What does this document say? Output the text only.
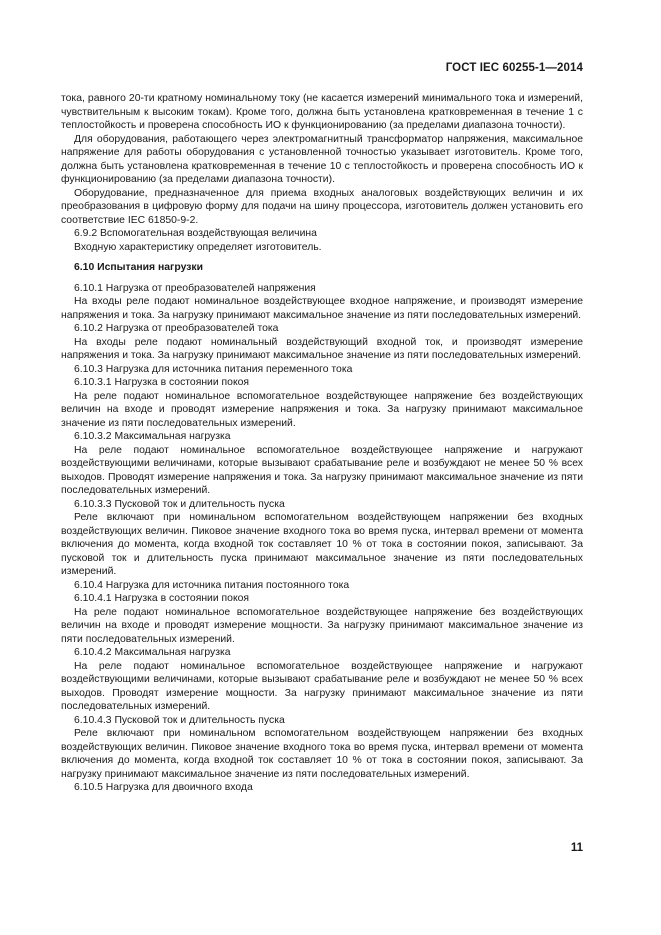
ГОСТ IEC 60255-1—2014

тока, равного 20-ти кратному номинальному току (не касается измерений минимального тока и измерений, чувствительным к высоким токам). Кроме того, должна быть установлена кратковременная в течение 1 с теплостойкость и проверена способность ИО к функционированию (за пределами диапазона точности).

Для оборудования, работающего через электромагнитный трансформатор напряжения, максимальное напряжение для работы оборудования с установленной точностью указывает изготовитель. Кроме того, должна быть установлена кратковременная в течение 10 с теплостойкость и проверена способность ИО к функционированию (за пределами диапазона точности).

Оборудование, предназначенное для приема входных аналоговых воздействующих величин и их преобразования в цифровую форму для подачи на шину процессора, изготовитель должен установить его соответствие IEC 61850-9-2.

6.9.2 Вспомогательная воздействующая величина

Входную характеристику определяет изготовитель.

6.10 Испытания нагрузки

6.10.1 Нагрузка от преобразователей напряжения

На входы реле подают номинальное воздействующее входное напряжение, и производят измерение напряжения и тока. За нагрузку принимают максимальное значение из пяти последовательных измерений.

6.10.2 Нагрузка от преобразователей тока

На входы реле подают номинальный воздействующий входной ток, и производят измерение напряжения и тока. За нагрузку принимают максимальное значение из пяти последовательных измерений.

6.10.3 Нагрузка для источника питания переменного тока

6.10.3.1 Нагрузка в состоянии покоя

На реле подают номинальное вспомогательное воздействующее напряжение без воздействующих величин на входе и проводят измерение напряжения и тока. За нагрузку принимают максимальное значение из пяти последовательных измерений.

6.10.3.2 Максимальная нагрузка

На реле подают номинальное вспомогательное воздействующее напряжение и нагружают воздействующими величинами, которые вызывают срабатывание реле и возбуждают не менее 50 % всех выходов. Проводят измерение напряжения и тока. За нагрузку принимают максимальное значение из пяти последовательных измерений.

6.10.3.3 Пусковой ток и длительность пуска

Реле включают при номинальном вспомогательном воздействующем напряжении без входных воздействующих величин. Пиковое значение входного тока во время пуска, интервал времени от момента включения до момента, когда входной ток составляет 10 % от тока в состоянии покоя, записывают. За пусковой ток и длительность пуска принимают максимальное значение из пяти последовательных измерений.

6.10.4 Нагрузка для источника питания постоянного тока

6.10.4.1 Нагрузка в состоянии покоя

На реле подают номинальное вспомогательное воздействующее напряжение без воздействующих величин на входе и проводят измерение мощности. За нагрузку принимают максимальное значение из пяти последовательных измерений.

6.10.4.2 Максимальная нагрузка

На реле подают номинальное вспомогательное воздействующее напряжение и нагружают воздействующими величинами, которые вызывают срабатывание реле и возбуждают не менее 50 % всех выходов. Проводят измерение мощности. За нагрузку принимают максимальное значение из пяти последовательных измерений.

6.10.4.3 Пусковой ток и длительность пуска

Реле включают при номинальном вспомогательном воздействующем напряжении без входных воздействующих величин. Пиковое значение входного тока во время пуска, интервал времени от момента включения до момента, когда входной ток составляет 10 % от тока в состоянии покоя, записывают. За нагрузку принимают максимальное значение из пяти последовательных измерений.

6.10.5 Нагрузка для двоичного входа

11
